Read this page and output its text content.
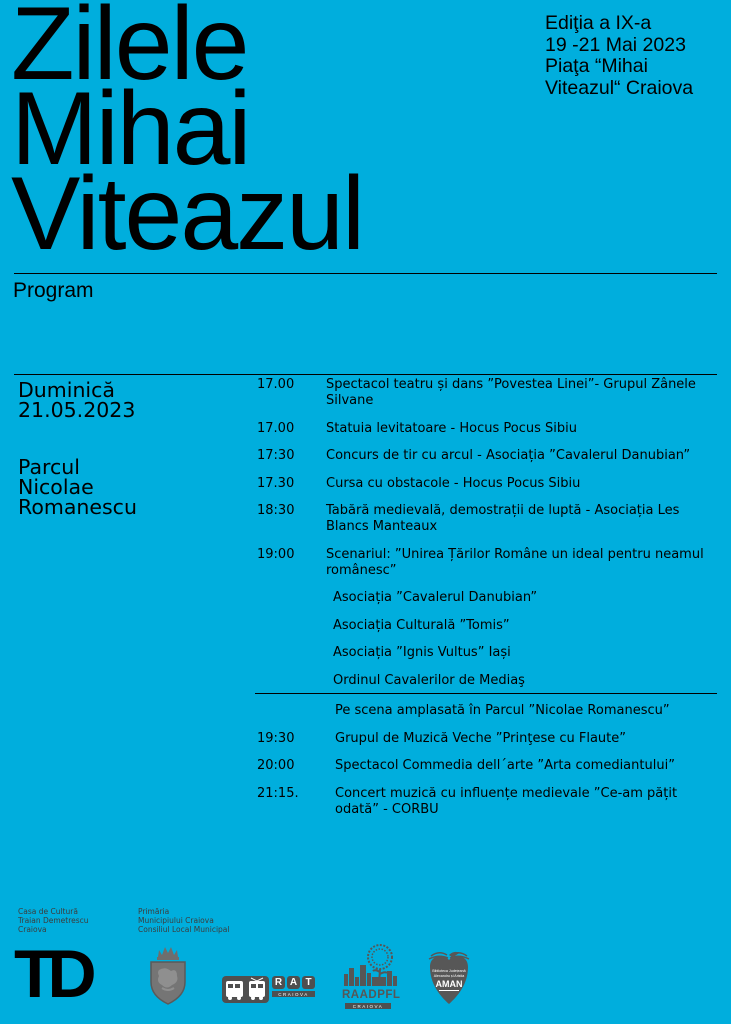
Zilele
Mihai
Viteazul
Ediţia a IX-a
19 -21 Mai 2023
Piaţa “Mihai
Viteazul“ Craiova
Program
Duminică
21.05.2023
Parcul
Nicolae
Romanescu
17.00	Spectacol teatru și dans ”Povestea Linei”- Grupul Zânele Silvane
17.00	Statuia levitatoare - Hocus Pocus Sibiu
17:30	Concurs de tir cu arcul - Asociația ”Cavalerul Danubian”
17.30	Cursa cu obstacole - Hocus Pocus Sibiu
18:30	Tabără medievală, demostrații de luptă - Asociația Les Blancs Manteaux
19:00	Scenariul: ”Unirea Țărilor Române un ideal pentru neamul românesc”
Asociația ”Cavalerul Danubian”
Asociația Culturală ”Tomis”
Asociația ”Ignis Vultus” Iași
Ordinul Cavalerilor de Mediaş
Pe scena amplasată în Parcul ”Nicolae Romanescu”
19:30	Grupul de Muzică Veche ”Prinţese cu Flaute”
20:00	Spectacol Commedia dell´arte ”Arta comediantului”
21:15.	Concert muzică cu influențe medievale ”Ce-am pățit odată” - CORBU
Casa de Cultură
Traian Demetrescu
Craiova
Primăria
Municipiului Craiova
Consiliul Local Municipal
TD	R A T
CRAIOVA	RAADPFL
CRAIOVA
Biblioteca Județeană
Alexandru și Aristia
AMAN
